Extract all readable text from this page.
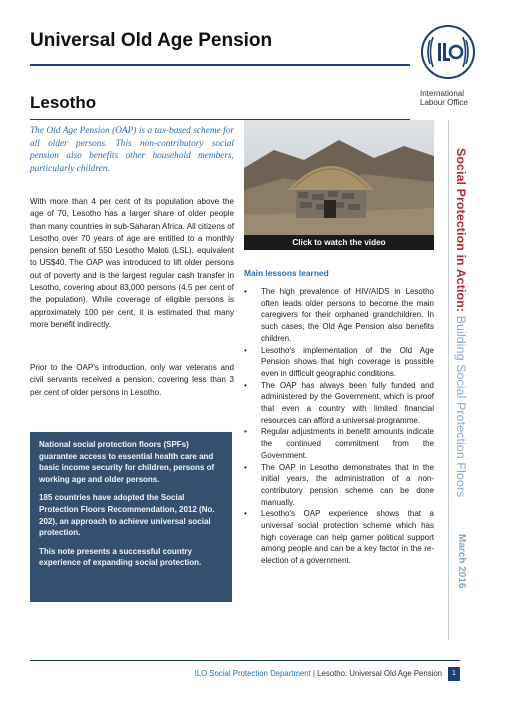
Universal Old Age Pension
International Labour Office
Lesotho

The Old Age Pension (OAP) is a tax-based scheme for all older persons. This non-contributory social pension also benefits other household members, particularly children.

With more than 4 per cent of its population above the age of 70, Lesotho has a larger share of older people than many countries in sub-Saharan Africa. All citizens of Lesotho over 70 years of age are entitled to a monthly pension benefit of 550 Lesotho Maloti (LSL), equivalent to US$40. The OAP was introduced to lift older persons out of poverty and is the largest regular cash transfer in Lesotho, covering about 83,000 persons (4.5 per cent of the population). While coverage of eligible persons is approximately 100 per cent, it is estimated that many more benefit indirectly.

Prior to the OAP's introduction, only war veterans and civil servants received a pension, covering less than 3 per cent of older persons in Lesotho.

National social protection floors (SPFs) guarantee access to essential health care and basic income security for children, persons of working age and older persons.

185 countries have adopted the Social Protection Floors Recommendation, 2012 (No. 202), an approach to achieve universal social protection.

This note presents a successful country experience of expanding social protection.

Click to watch the video
Main lessons learned
• The high prevalence of HIV/AIDS in Lesotho often leads older persons to become the main caregivers for their orphaned grandchildren. In such cases, the Old Age Pension also benefits children.
• Lesotho's implementation of the Old Age Pension shows that high coverage is possible even in difficult geographic conditions.
• The OAP has always been fully funded and administered by the Government, which is proof that even a country with limited financial resources can afford a universal programme.
• Regular adjustments in benefit amounts indicate the continued commitment from the Government.
• The OAP in Lesotho demonstrates that in the initial years, the administration of a non-contributory pension scheme can be done manually.
• Lesotho's OAP experience shows that a universal social protection scheme which has high coverage can help garner political support among people and can be a key factor in the re-election of a government.
Social Protection in Action: Building Social Protection Floors
March 2016
ILO Social Protection Department | Lesotho: Universal Old Age Pension 1
